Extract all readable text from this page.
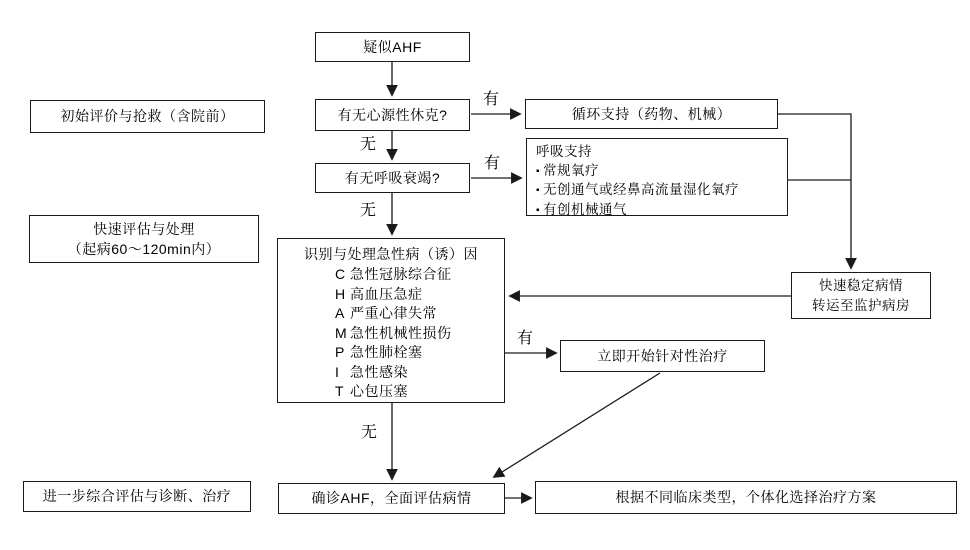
疑似AHF
初始评价与抢救（含院前）	有无心源性休克?	循环支持（药物、机械）
有无呼吸衰竭?
呼吸支持
▪ 常规氧疗
▪ 无创通气或经鼻高流量湿化氧疗
▪ 有创机械通气
快速评估与处理
（起病60～120min内）	识别与处理急性病（诱）因
C 急性冠脉综合征
H 高血压急症
A 严重心律失常
M 急性机械性损伤
P 急性肺栓塞
I 急性感染
T 心包压塞
快速稳定病情
转运至监护病房
立即开始针对性治疗
进一步综合评估与诊断、治疗	确诊AHF，全面评估病情	根据不同临床类型，个体化选择治疗方案
有
无
有
无
有
无
